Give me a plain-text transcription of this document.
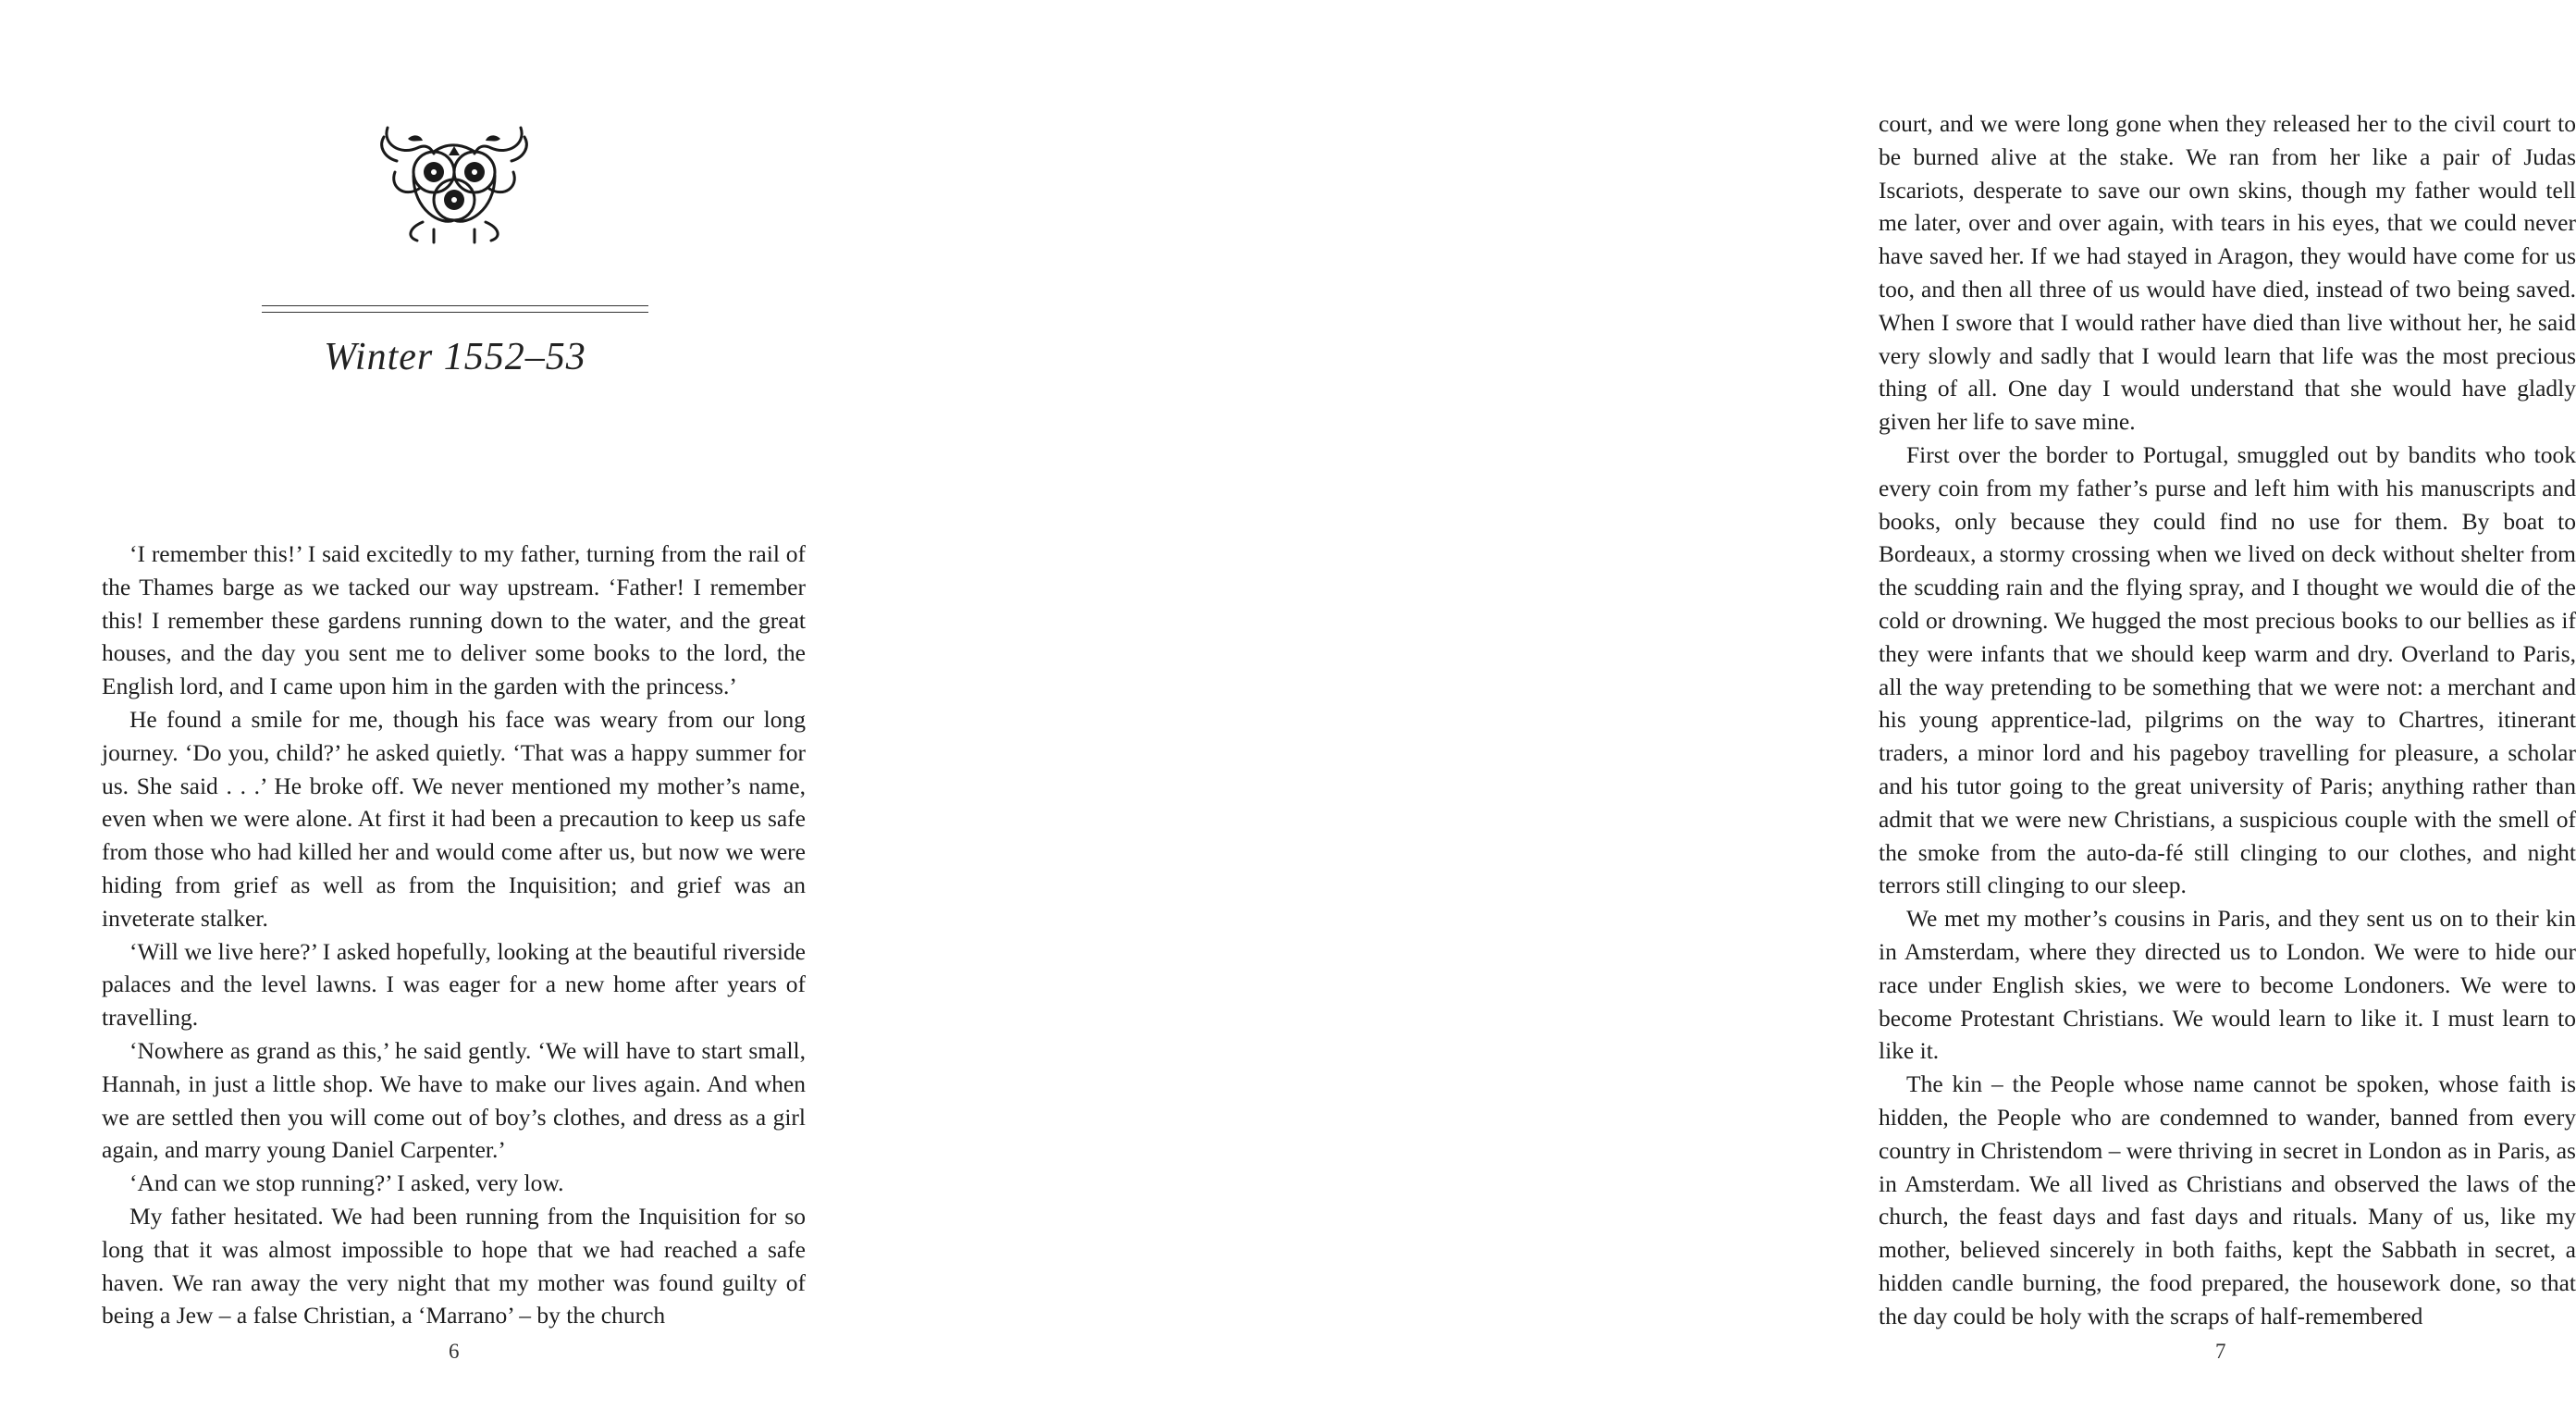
Winter 1552–53

‘I remember this!’ I said excitedly to my father, turning from the rail of the Thames barge as we tacked our way upstream. ‘Father! I remember this! I remember these gardens running down to the water, and the great houses, and the day you sent me to deliver some books to the lord, the English lord, and I came upon him in the garden with the princess.’

He found a smile for me, though his face was weary from our long journey. ‘Do you, child?’ he asked quietly. ‘That was a happy summer for us. She said . . .’ He broke off. We never mentioned my mother’s name, even when we were alone. At first it had been a precaution to keep us safe from those who had killed her and would come after us, but now we were hiding from grief as well as from the Inquisition; and grief was an inveterate stalker.

‘Will we live here?’ I asked hopefully, looking at the beautiful riverside palaces and the level lawns. I was eager for a new home after years of travelling.

‘Nowhere as grand as this,’ he said gently. ‘We will have to start small, Hannah, in just a little shop. We have to make our lives again. And when we are settled then you will come out of boy’s clothes, and dress as a girl again, and marry young Daniel Carpenter.’

‘And can we stop running?’ I asked, very low.

My father hesitated. We had been running from the Inquisition for so long that it was almost impossible to hope that we had reached a safe haven. We ran away the very night that my mother was found guilty of being a Jew – a false Christian, a ‘Marrano’ – by the church

6

court, and we were long gone when they released her to the civil court to be burned alive at the stake. We ran from her like a pair of Judas Iscariots, desperate to save our own skins, though my father would tell me later, over and over again, with tears in his eyes, that we could never have saved her. If we had stayed in Aragon, they would have come for us too, and then all three of us would have died, instead of two being saved. When I swore that I would rather have died than live without her, he said very slowly and sadly that I would learn that life was the most precious thing of all. One day I would understand that she would have gladly given her life to save mine.

First over the border to Portugal, smuggled out by bandits who took every coin from my father’s purse and left him with his manuscripts and books, only because they could find no use for them. By boat to Bordeaux, a stormy crossing when we lived on deck without shelter from the scudding rain and the flying spray, and I thought we would die of the cold or drowning. We hugged the most precious books to our bellies as if they were infants that we should keep warm and dry. Overland to Paris, all the way pretending to be something that we were not: a merchant and his young apprentice-lad, pilgrims on the way to Chartres, itinerant traders, a minor lord and his pageboy travelling for pleasure, a scholar and his tutor going to the great university of Paris; anything rather than admit that we were new Christians, a suspicious couple with the smell of the smoke from the auto-da-fé still clinging to our clothes, and night terrors still clinging to our sleep.

We met my mother’s cousins in Paris, and they sent us on to their kin in Amsterdam, where they directed us to London. We were to hide our race under English skies, we were to become Londoners. We were to become Protestant Christians. We would learn to like it. I must learn to like it.

The kin – the People whose name cannot be spoken, whose faith is hidden, the People who are condemned to wander, banned from every country in Christendom – were thriving in secret in London as in Paris, as in Amsterdam. We all lived as Christians and observed the laws of the church, the feast days and fast days and rituals. Many of us, like my mother, believed sincerely in both faiths, kept the Sabbath in secret, a hidden candle burning, the food prepared, the housework done, so that the day could be holy with the scraps of half-remembered

7
